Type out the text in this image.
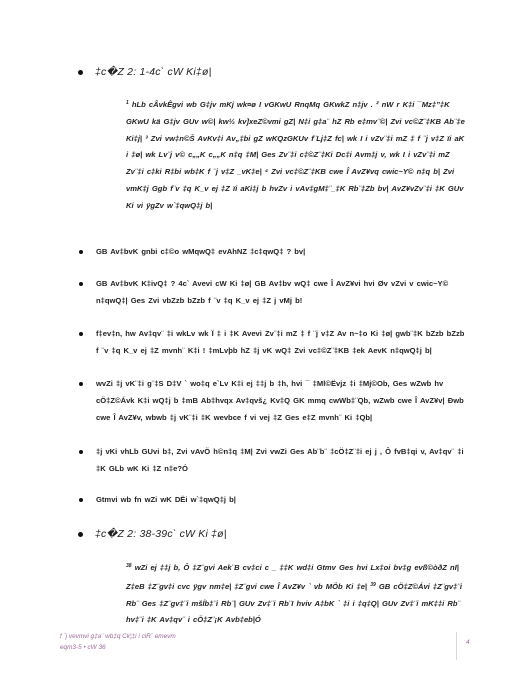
‡c�Z 2: 1-4c` cW Ki‡ø|
$^1$ hLb cÂvkÊgvi wb G‡jv mKj wk¤ø I vGKwU RnqMq GKwkZ n‡jv . ² nW r K‡i ¯Mz‡”‡K GKwU kä G‡jv GUv w©| kw½ kv]xeZ©vmi gZ| N‡i g‡a¨ hZ Rb e‡mv¨©| Zvi vc©Z¨‡KB Ab¨‡e Ki‡j| ³ Zvi vw‡n©Š AvKv‡i Av„‡bi gZ wKQzGKUv f¨Lj‡Z fc| wk I i vZv¨‡i mZ ‡ f ¨j v‡Z ïi aK i ‡ø| wk Lv¨j v© c„„K c„„K n‡q ‡M| Ges Zv¨‡i c‡©Z¨‡Ki Dc‡i Avm‡j v, wk I i vZv¨‡i mZ Zv¨‡i c‡ki R‡bi wb‡K f ¨j v‡Z _vK‡e| ⁴ Zvi vc‡©Z¨‡KB cwe Î AvZ¥vq cwic~Y© n‡q b| Zvi vmK‡j Ggb f¨v ‡q K_v ej ‡Z ïi aKi‡j b hvZv i vAv‡gM‡¨_‡K Rb¨‡Zb bv| AvZ¥vZv¨‡i ‡K GUv Ki vi ÿgZv w`‡qwQ‡j b|
GB Av‡bvK gnbi c‡©o wMqwQ‡ evAhNZ ‡c‡qwQ‡ ? bv|
GB Av‡bvK K‡ivQ‡ ? 4c` Avevi cW Ki ‡ø| GB Av‡bv wQ‡ cwe Î AvZ¥vi hvi Øv vZvi v cwic~Y© n‡qwQ‡| Ges Zvi vbZzb bZzb f ¨v ‡q K_v ej ‡Z j vMj b!
f‡ev‡n, hw Av‡qv¨ ‡i wkLv wk Ï ‡ i ‡K Avevi Zv¨‡i mZ ‡ f ¨j v‡Z Av n~‡o Ki ‡ø| gwb¨‡K bZzb bZzb f ¨v ‡q K_v ej ‡Z mvnh¨ K‡i ! ‡mLvþb hZ ‡j vK wQ‡ Zvi vc‡©Z¨‡KB ‡ek AevK n‡qwQ‡j b|
wvZi ‡j vK¨‡i g¨‡S D‡V ` wo‡q e`Lv K‡i ej ‡‡j b ‡h, hvi ¯ ‡Ml©Ëvjz ‡i ‡Mj©Ob, Ges wZwb hv cÖ‡Z©Ávk K‡i wQ‡j b ‡mB Ab‡hvqx Av‡qvš¿ Kv‡Q GK mmq cwWb‡¨Qb, wZwb cwe Î AvZ¥v| Ðwb cwe Î AvZ¥v, wbwb ‡j vK¨‡i ‡K wevbce f vi vej ‡Z Ges e‡Z mvnh¨ Ki ‡Qb|
‡j vKi vhLb GUvi b‡, Zvi vAvÖ h©n‡q ‡M| Zvi vwZi Ges Ab¨b¨ ‡cÖ‡Z¨‡i ej j , Ô fvB‡qi v, Av‡qv¨ ‡i ‡K GLb wK Ki ‡Z n‡e?Ó
Gtmvi wb fn wZi wK DËi w`‡qwQ‡j b|
‡c�Z 2: 38-39c` cW Ki ‡ø|
$^{38}$ wZi ej ‡‡j b, Ô ‡Z¨gvi Aek¨B cv‡ci c _ ‡‡K wd‡i Gtmv Ges hvi Lx‡oi bv‡g evß©òðZ nI| Z‡eB ‡Z¨gv‡i cvc ÿgv nm‡e| ‡Z¨gvi cwe Î AvZ¥v ` vb MÖb Ki ‡e| $^{39}$ GB cÖ‡Z©Ávi ‡Z¨gv‡¨i Rb¨ Ges ‡Z¨gv‡¨i mšÍb‡¨i Rb¨| GUv Zv‡¨i Rb¨I hviv A‡bK ` ‡i i ‡q‡Q| GUv Zv‡¨i mK‡‡i Rb¨ hv‡¨i ‡K Av‡qv¨ i cÖ‡Z¨¡K Avb‡eb|Ó
f ¨j vevmvi g‡a¨ wb‡q Ck¦‡i i ciR¨ emevm
eqm3-5 • cW 36
4
